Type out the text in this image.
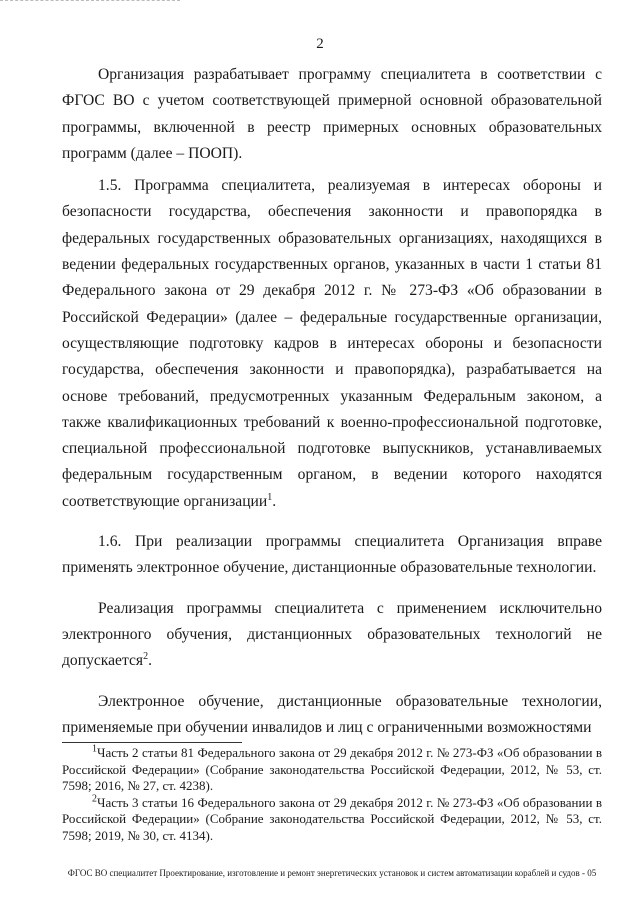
2

Организация разрабатывает программу специалитета в соответствии с ФГОС ВО с учетом соответствующей примерной основной образовательной программы, включенной в реестр примерных основных образовательных программ (далее – ПООП).

1.5. Программа специалитета, реализуемая в интересах обороны и безопасности государства, обеспечения законности и правопорядка в федеральных государственных образовательных организациях, находящихся в ведении федеральных государственных органов, указанных в части 1 статьи 81 Федерального закона от 29 декабря 2012 г. № 273-ФЗ «Об образовании в Российской Федерации» (далее – федеральные государственные организации, осуществляющие подготовку кадров в интересах обороны и безопасности государства, обеспечения законности и правопорядка), разрабатывается на основе требований, предусмотренных указанным Федеральным законом, а также квалификационных требований к военно-профессиональной подготовке, специальной профессиональной подготовке выпускников, устанавливаемых федеральным государственным органом, в ведении которого находятся соответствующие организации$^1$.

1.6. При реализации программы специалитета Организация вправе применять электронное обучение, дистанционные образовательные технологии.

Реализация программы специалитета с применением исключительно электронного обучения, дистанционных образовательных технологий не допускается$^2$.

Электронное обучение, дистанционные образовательные технологии, применяемые при обучении инвалидов и лиц с ограниченными возможностями

$^1$Часть 2 статьи 81 Федерального закона от 29 декабря 2012 г. № 273-ФЗ «Об образовании в Российской Федерации» (Собрание законодательства Российской Федерации, 2012, № 53, ст. 7598; 2016, № 27, ст. 4238).

$^2$Часть 3 статьи 16 Федерального закона от 29 декабря 2012 г. № 273-ФЗ «Об образовании в Российской Федерации» (Собрание законодательства Российской Федерации, 2012, № 53, ст. 7598; 2019, № 30, ст. 4134).

ФГОС ВО специалитет Проектирование, изготовление и ремонт энергетических установок и систем автоматизации кораблей и судов - 05
